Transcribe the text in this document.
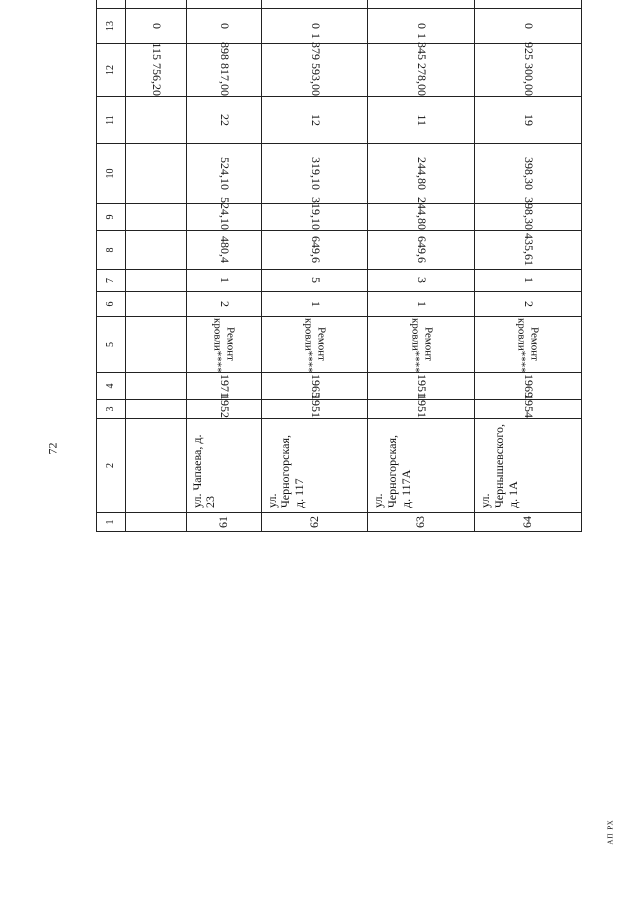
72
1	2	3	4	5	6	7	8	9	10	11	12	13						
											115 756,20	0						
61	ул. Чапаева, д. 23	1952	1971	Ремонт кровли****	2	1	480,4	524,10	524,10	22	898 817,00	0						
62	ул. Черногорская, д. 117	1951	1965	Ремонт кровли****	1	5	649,6	319,10	319,10	12	1 379 593,00	0						
63	ул. Черногорская, д. 117А	1951	1951	Ремонт кровли****	1	3	649,6	244,80	244,80	11	1 345 278,00	0						
64	ул. Чернышевского, д. 1А	1954	1969	Ремонт кровли****	2	1	435,61	398,30	398,30	19	925 300,00	0						
АП РХ
